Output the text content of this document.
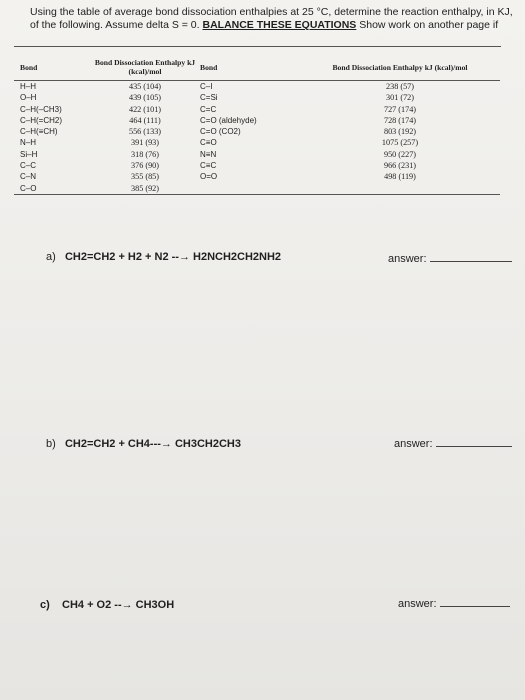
Using the table of average bond dissociation enthalpies at 25 °C, determine the reaction enthalpy, in KJ,
of the following. Assume delta S = 0. BALANCE THESE EQUATIONS Show work on another page if
Bond	Bond Dissociation Enthalpy kJ (kcal)/mol	Bond	Bond Dissociation Enthalpy kJ (kcal)/mol
H–H	435 (104)	C–I	238 (57)
O–H	439 (105)	C=Si	301 (72)
C–H(–CH3)	422 (101)	C=C	727 (174)
C–H(=CH2)	464 (111)	C=O (aldehyde)	728 (174)
C–H(≡CH)	556 (133)	C=O (CO2)	803 (192)
N–H	391 (93)	C≡O	1075 (257)
Si–H	318 (76)	N≡N	950 (227)
C–C	376 (90)	C≡C	966 (231)
C–N	355 (85)	O=O	498 (119)
C–O	385 (92)		
a) CH2=CH2 + H2 + N2 --→ H2NCH2CH2NH2	answer:
b) CH2=CH2 + CH4---→ CH3CH2CH3	answer:
c) CH4 + O2 --→ CH3OH	answer:
